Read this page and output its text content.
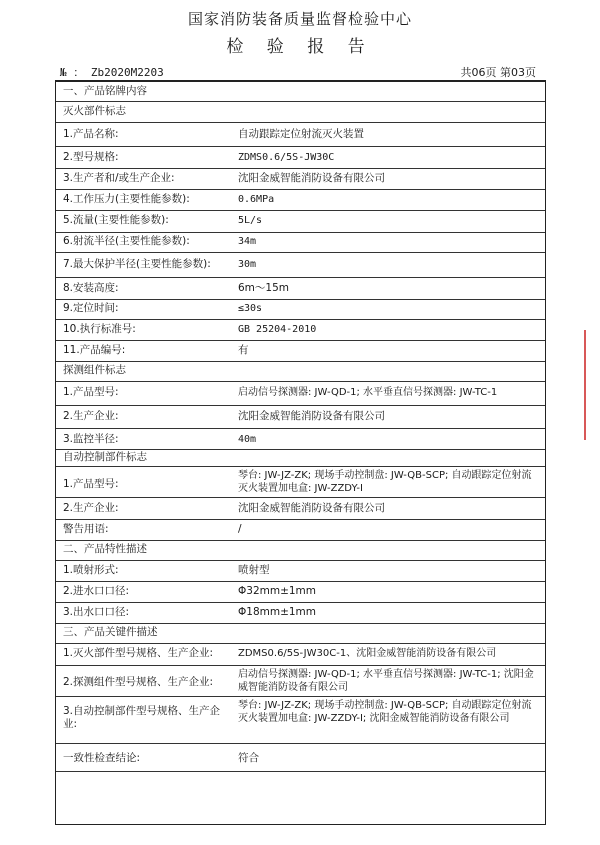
国家消防装备质量监督检验中心
检 验 报 告
№ ： Zb2020M2203	共06页 第03页
一、产品铭牌内容
灭火部件标志
1.产品名称:	自动跟踪定位射流灭火装置
2.型号规格:	ZDMS0.6/5S-JW30C
3.生产者和/或生产企业:	沈阳金威智能消防设备有限公司
4.工作压力(主要性能参数):	0.6MPa
5.流量(主要性能参数):	5L/s
6.射流半径(主要性能参数):	34m
7.最大保护半径(主要性能参数):	30m
8.安装高度:	6m～15m
9.定位时间:	≤30s
10.执行标准号:	GB 25204-2010
11.产品编号:	有
探测组件标志
1.产品型号:	启动信号探测器: JW-QD-1; 水平垂直信号探测器: JW-TC-1
2.生产企业:	沈阳金威智能消防设备有限公司
3.监控半径:	40m
自动控制部件标志
1.产品型号:
琴台: JW-JZ-ZK; 现场手动控制盘: JW-QB-SCP; 自动跟踪定位射流灭火装置加电盒: JW-ZZDY-Ⅰ
2.生产企业:	沈阳金威智能消防设备有限公司
警告用语:	/
二、产品特性描述
1.喷射形式:	喷射型
2.进水口口径:	Φ32mm±1mm
3.出水口口径:	Φ18mm±1mm
三、产品关键件描述
1.灭火部件型号规格、生产企业: ZDMS0.6/5S-JW30C-1、沈阳金威智能消防设备有限公司
2.探测组件型号规格、生产企业:
启动信号探测器: JW-QD-1; 水平垂直信号探测器: JW-TC-1; 沈阳金威智能消防设备有限公司
3.自动控制部件型号规格、生产企业:
琴台: JW-JZ-ZK; 现场手动控制盘: JW-QB-SCP; 自动跟踪定位射流灭火装置加电盒: JW-ZZDY-Ⅰ; 沈阳金威智能消防设备有限公司
一致性检查结论:	符合
